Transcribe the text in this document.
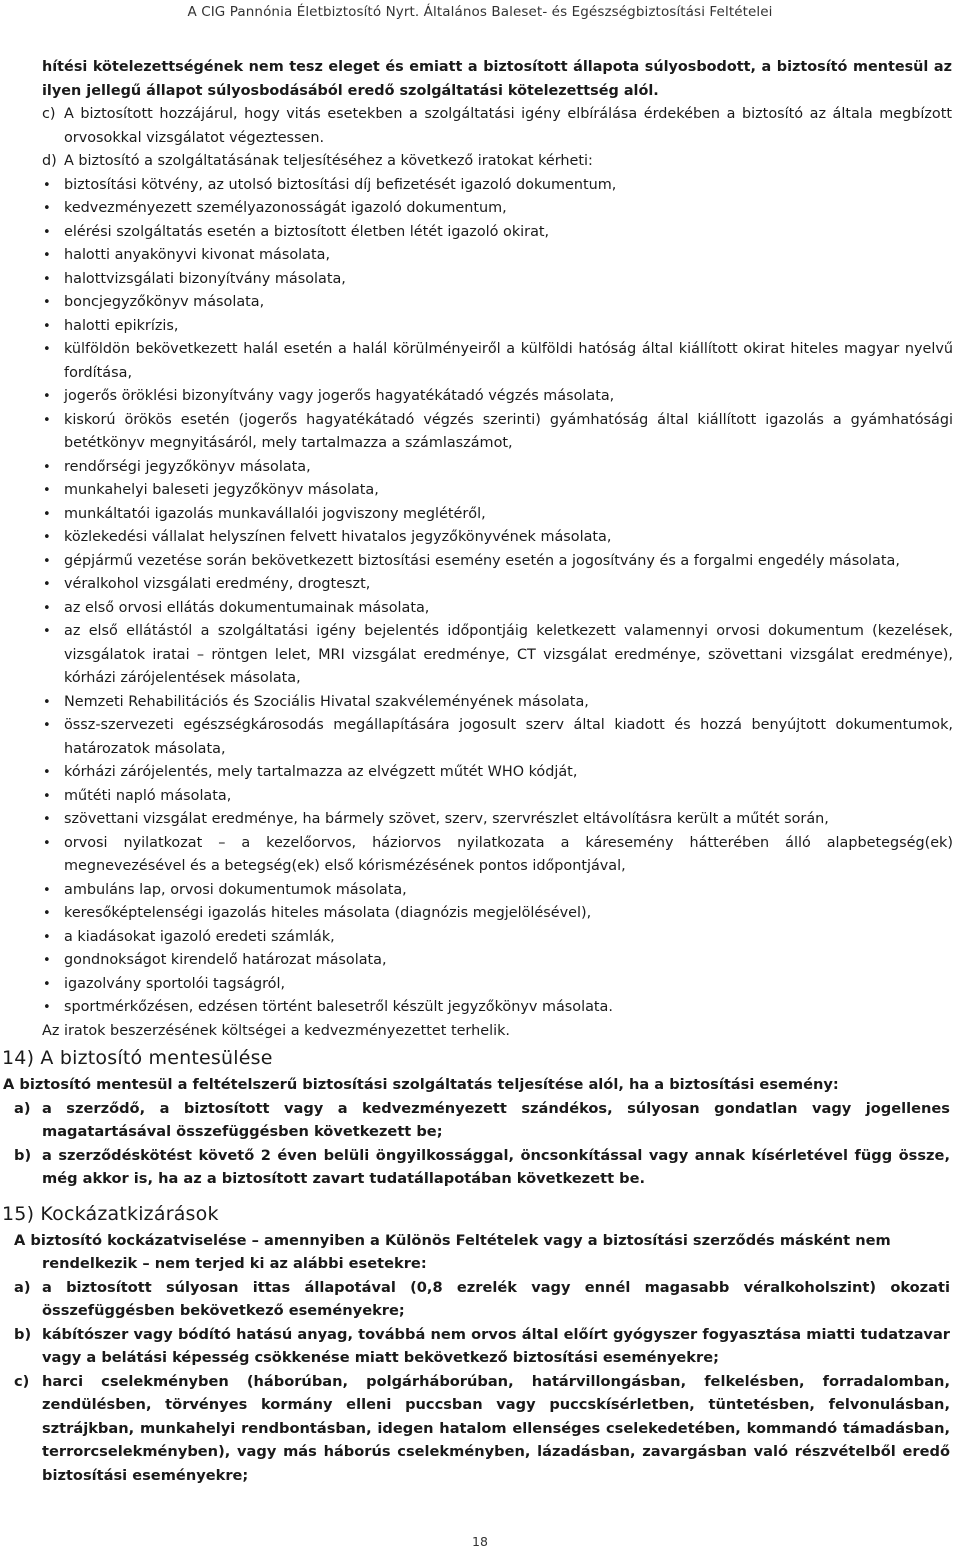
A CIG Pannónia Életbiztosító Nyrt. Általános Baleset- és Egészségbiztosítási Feltételei
hítési kötelezettségének nem tesz eleget és emiatt a biztosított állapota súlyosbodott, a biztosító mentesül az ilyen jellegű állapot súlyosbodásából eredő szolgáltatási kötelezettség alól.
c) A biztosított hozzájárul, hogy vitás esetekben a szolgáltatási igény elbírálása érdekében a biztosító az általa megbízott orvosokkal vizsgálatot végeztessen.
d) A biztosító a szolgáltatásának teljesítéséhez a következő iratokat kérheti:
• biztosítási kötvény, az utolsó biztosítási díj befizetését igazoló dokumentum,
• kedvezményezett személyazonosságát igazoló dokumentum,
• elérési szolgáltatás esetén a biztosított életben létét igazoló okirat,
• halotti anyakönyvi kivonat másolata,
• halottvizsgálati bizonyítvány másolata,
• boncjegyzőkönyv másolata,
• halotti epikrízis,
• külföldön bekövetkezett halál esetén a halál körülményeiről a külföldi hatóság által kiállított okirat hiteles magyar nyelvű fordítása,
• jogerős öröklési bizonyítvány vagy jogerős hagyatékátadó végzés másolata,
• kiskorú örökös esetén (jogerős hagyatékátadó végzés szerinti) gyámhatóság által kiállított igazolás a gyámhatósági betétkönyv megnyitásáról, mely tartalmazza a számlaszámot,
• rendőrségi jegyzőkönyv másolata,
• munkahelyi baleseti jegyzőkönyv másolata,
• munkáltatói igazolás munkavállalói jogviszony meglétéről,
• közlekedési vállalat helyszínen felvett hivatalos jegyzőkönyvének másolata,
• gépjármű vezetése során bekövetkezett biztosítási esemény esetén a jogosítvány és a forgalmi engedély másolata,
• véralkohol vizsgálati eredmény, drogteszt,
• az első orvosi ellátás dokumentumainak másolata,
• az első ellátástól a szolgáltatási igény bejelentés időpontjáig keletkezett valamennyi orvosi dokumentum (kezelések, vizsgálatok iratai – röntgen lelet, MRI vizsgálat eredménye, CT vizsgálat eredménye, szövettani vizsgálat eredménye), kórházi zárójelentések másolata,
• Nemzeti Rehabilitációs és Szociális Hivatal szakvéleményének másolata,
• össz-szervezeti egészségkárosodás megállapítására jogosult szerv által kiadott és hozzá benyújtott dokumentumok, határozatok másolata,
• kórházi zárójelentés, mely tartalmazza az elvégzett műtét WHO kódját,
• műtéti napló másolata,
• szövettani vizsgálat eredménye, ha bármely szövet, szerv, szervrészlet eltávolításra került a műtét során,
• orvosi nyilatkozat – a kezelőorvos, háziorvos nyilatkozata a káresemény hátterében álló alapbetegség(ek) megnevezésével és a betegség(ek) első kórismézésének pontos időpontjával,
• ambuláns lap, orvosi dokumentumok másolata,
• keresőképtelenségi igazolás hiteles másolata (diagnózis megjelölésével),
• a kiadásokat igazoló eredeti számlák,
• gondnokságot kirendelő határozat másolata,
• igazolvány sportolói tagságról,
• sportmérkőzésen, edzésen történt balesetről készült jegyzőkönyv másolata.
Az iratok beszerzésének költségei a kedvezményezettet terhelik.
14) A biztosító mentesülése
A biztosító mentesül a feltételszerű biztosítási szolgáltatás teljesítése alól, ha a biztosítási esemény:
a) a szerződő, a biztosított vagy a kedvezményezett szándékos, súlyosan gondatlan vagy jogellenes magatartásával összefüggésben következett be;
b) a szerződéskötést követő 2 éven belüli öngyilkossággal, öncsonkítással vagy annak kísérletével függ össze, még akkor is, ha az a biztosított zavart tudatállapotában következett be.
15) Kockázatkizárások
A biztosító kockázatviselése – amennyiben a Különös Feltételek vagy a biztosítási szerződés másként nem rendelkezik – nem terjed ki az alábbi esetekre:
a) a biztosított súlyosan ittas állapotával (0,8 ezrelék vagy ennél magasabb véralkoholszint) okozati összefüggésben bekövetkező eseményekre;
b) kábítószer vagy bódító hatású anyag, továbbá nem orvos által előírt gyógyszer fogyasztása miatti tudatzavar vagy a belátási képesség csökkenése miatt bekövetkező biztosítási eseményekre;
c) harci cselekményben (háborúban, polgárháborúban, határvillongásban, felkelésben, forradalomban, zendülésben, törvényes kormány elleni puccsban vagy puccskísérletben, tüntetésben, felvonulásban, sztrájkban, munkahelyi rendbontásban, idegen hatalom ellenséges cselekedetében, kommandó támadásban, terrorcselekményben), vagy más háborús cselekményben, lázadásban, zavargásban való részvételből eredő biztosítási eseményekre;
18
